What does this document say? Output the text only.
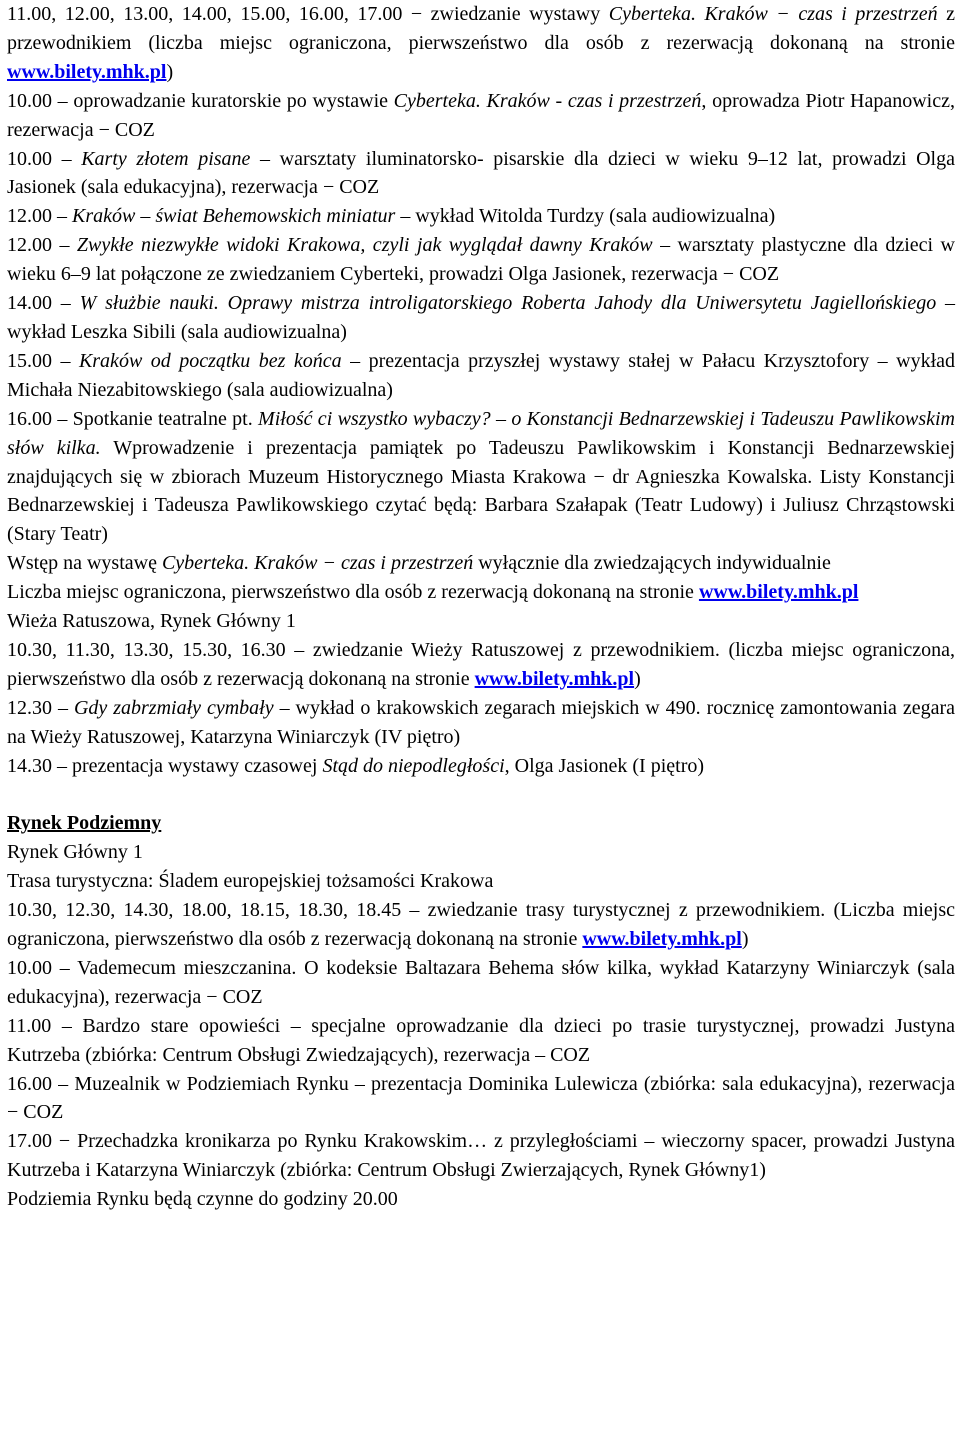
11.00, 12.00, 13.00, 14.00, 15.00, 16.00, 17.00 − zwiedzanie wystawy Cyberteka. Kraków − czas i przestrzeń z przewodnikiem (liczba miejsc ograniczona, pierwszeństwo dla osób z rezerwacją dokonaną na stronie www.bilety.mhk.pl)

10.00 – oprowadzanie kuratorskie po wystawie Cyberteka. Kraków - czas i przestrzeń, oprowadza Piotr Hapanowicz, rezerwacja − COZ

10.00 – Karty złotem pisane – warsztaty iluminatorsko- pisarskie dla dzieci w wieku 9–12 lat, prowadzi Olga Jasionek (sala edukacyjna), rezerwacja − COZ

12.00 – Kraków – świat Behemowskich miniatur – wykład Witolda Turdzy (sala audiowizualna)

12.00 – Zwykłe niezwykłe widoki Krakowa, czyli jak wyglądał dawny Kraków – warsztaty plastyczne dla dzieci w wieku 6–9 lat połączone ze zwiedzaniem Cyberteki, prowadzi Olga Jasionek, rezerwacja − COZ

14.00 – W służbie nauki. Oprawy mistrza introligatorskiego Roberta Jahody dla Uniwersytetu Jagiellońskiego – wykład Leszka Sibili (sala audiowizualna)

15.00 – Kraków od początku bez końca – prezentacja przyszłej wystawy stałej w Pałacu Krzysztofory – wykład Michała Niezabitowskiego (sala audiowizualna)

16.00 – Spotkanie teatralne pt. Miłość ci wszystko wybaczy? – o Konstancji Bednarzewskiej i Tadeuszu Pawlikowskim słów kilka. Wprowadzenie i prezentacja pamiątek po Tadeuszu Pawlikowskim i Konstancji Bednarzewskiej znajdujących się w zbiorach Muzeum Historycznego Miasta Krakowa − dr Agnieszka Kowalska. Listy Konstancji Bednarzewskiej i Tadeusza Pawlikowskiego czytać będą: Barbara Szałapak (Teatr Ludowy) i Juliusz Chrząstowski (Stary Teatr)

Wstęp na wystawę Cyberteka. Kraków − czas i przestrzeń wyłącznie dla zwiedzających indywidualnie

Liczba miejsc ograniczona, pierwszeństwo dla osób z rezerwacją dokonaną na stronie www.bilety.mhk.pl

Wieża Ratuszowa, Rynek Główny 1

10.30, 11.30, 13.30, 15.30, 16.30 – zwiedzanie Wieży Ratuszowej z przewodnikiem. (liczba miejsc ograniczona, pierwszeństwo dla osób z rezerwacją dokonaną na stronie www.bilety.mhk.pl)

12.30 – Gdy zabrzmiały cymbały – wykład o krakowskich zegarach miejskich w 490. rocznicę zamontowania zegara na Wieży Ratuszowej, Katarzyna Winiarczyk (IV piętro)

14.30 – prezentacja wystawy czasowej Stąd do niepodległości, Olga Jasionek (I piętro)

Rynek Podziemny

Rynek Główny 1

Trasa turystyczna: Śladem europejskiej tożsamości Krakowa

10.30, 12.30, 14.30, 18.00, 18.15, 18.30, 18.45 – zwiedzanie trasy turystycznej z przewodnikiem. (Liczba miejsc ograniczona, pierwszeństwo dla osób z rezerwacją dokonaną na stronie www.bilety.mhk.pl)

10.00 – Vademecum mieszczanina. O kodeksie Baltazara Behema słów kilka, wykład Katarzyny Winiarczyk (sala edukacyjna), rezerwacja − COZ

11.00 – Bardzo stare opowieści – specjalne oprowadzanie dla dzieci po trasie turystycznej, prowadzi Justyna Kutrzeba (zbiórka: Centrum Obsługi Zwiedzających), rezerwacja – COZ

16.00 – Muzealnik w Podziemiach Rynku – prezentacja Dominika Lulewicza (zbiórka: sala edukacyjna), rezerwacja − COZ

17.00 − Przechadzka kronikarza po Rynku Krakowskim… z przyległościami – wieczorny spacer, prowadzi Justyna Kutrzeba i Katarzyna Winiarczyk (zbiórka: Centrum Obsługi Zwierzających, Rynek Główny1)

Podziemia Rynku będą czynne do godziny 20.00
